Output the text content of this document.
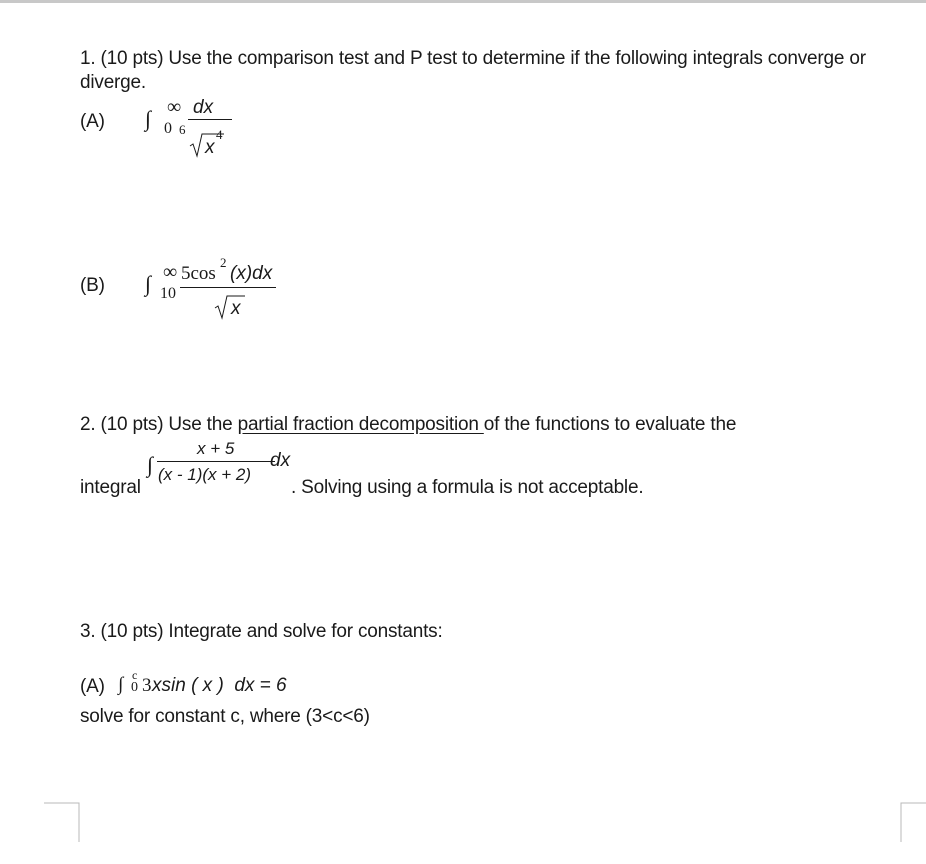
1. (10 pts) Use the comparison test and P test to determine if the following integrals converge or
diverge.
(A) ∫ ∞
0
dx
6
x
4
(B) ∫ ∞
10
5cos
2
(x)dx
x
2. (10 pts) Use the partial fraction decomposition of the functions to evaluate the
integral
∫
x + 5
(x - 1)(x + 2)
dx
. Solving using a formula is not acceptable.
3. (10 pts) Integrate and solve for constants:
(A) ∫ c
0 3 xsin ( x )  dx = 6
solve for constant c, where (3<c<6)
